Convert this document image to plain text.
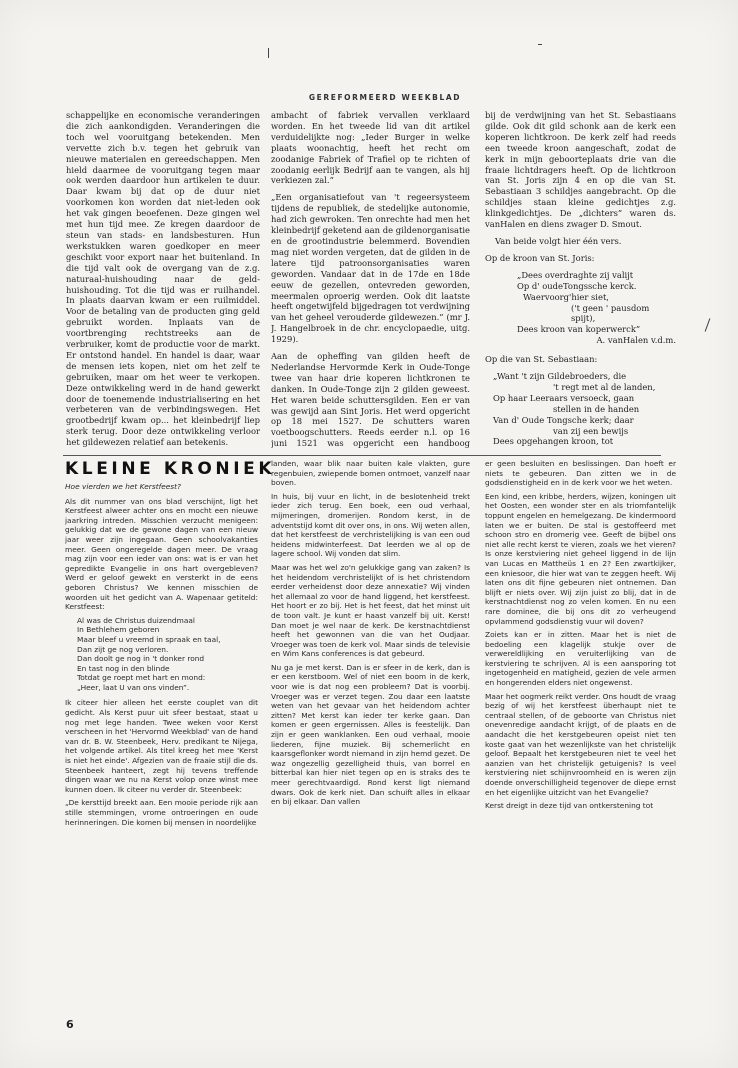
GEREFORMEERD WEEKBLAD

schappelijke en economische veranderingen die zich aankondigden. Veranderingen die toch wel vooruitgang betekenden. Men vervette zich b.v. tegen het gebruik van nieuwe materialen en gereedschappen. Men hield daarmee de vooruitgang tegen maar ook werden daardoor hun artikelen te duur. Daar kwam bij dat op de duur niet voorkomen kon worden dat niet-leden ook het vak gingen beoefenen. Deze gingen wel met hun tijd mee. Ze kregen daardoor de steun van stads- en landsbesturen. Hun werkstukken waren goedkoper en meer geschikt voor export naar het buitenland. In die tijd valt ook de overgang van de z.g. naturaal-huishouding naar de geld-huishouding. Tot die tijd was er ruilhandel. In plaats daarvan kwam er een ruilmiddel. Voor de betaling van de producten ging geld gebruikt worden. Inplaats van de voortbrenging rechtstreeks aan de verbruiker, komt de productie voor de markt. Er ontstond handel. En handel is daar, waar de mensen iets kopen, niet om het zelf te gebruiken, maar om het weer te verkopen. Deze ontwikkeling werd in de hand gewerkt door de toenemende industrialisering en het verbeteren van de verbindingswegen. Het grootbedrijf kwam op... het kleinbedrijf liep sterk terug. Door deze ontwikkeling verloor het gildewezen relatief aan betekenis.

ambacht of fabriek vervallen verklaard worden. En het tweede lid van dit artikel verduidelijkte nog: „Ieder Burger in welke plaats woonachtig, heeft het recht om zoodanige Fabriek of Trafiel op te richten of zoodanig eerlijk Bedrijf aan te vangen, als hij verkiezen zal.”

„Een organisatiefout van 't regeersysteem tijdens de republiek, de stedelijke autonomie, had zich gewroken. Ten onrechte had men het kleinbedrijf geketend aan de gildenorganisatie en de grootindustrie belemmerd. Bovendien mag niet worden vergeten, dat de gilden in de latere tijd patroonsorganisaties waren geworden. Vandaar dat in de 17de en 18de eeuw de gezellen, ontevreden geworden, meermalen oproerig werden. Ook dit laatste heeft ongetwijfeld bijgedragen tot verdwijning van het geheel verouderde gildewezen.” (mr J. J. Hangelbroek in de chr. encyclopaedie, uitg. 1929).

Aan de opheffing van gilden heeft de Nederlandse Hervormde Kerk in Oude-Tonge twee van haar drie koperen lichtkronen te danken. In Oude-Tonge zijn 2 gilden geweest. Het waren beide schuttersgilden. Een er van was gewijd aan Sint Joris. Het werd opgericht op 18 mei 1527. De schutters waren voetboogschutters. Reeds eerder n.l. op 16 juni 1521 was opgericht een handboog

bij de verdwijning van het St. Sebastiaans gilde. Ook dit gild schonk aan de kerk een koperen lichtkroon. De kerk zelf had reeds een tweede kroon aangeschaft, zodat de kerk in mijn geboorteplaats drie van die fraaie lichtdragers heeft. Op de lichtkroon van St. Joris zijn 4 en op die van St. Sebastiaan 3 schildjes aangebracht. Op die schildjes staan kleine gedichtjes z.g. klinkgedichtjes. De „dichters” waren ds. vanHalen en diens zwager D. Smout.

Van beide volgt hier één vers.

Op de kroon van St. Joris:

„Dees overdraghte zij valijt
Op d' oudeTongssche kerck.
Waervoorg'hier siet,
('t geen ' pausdom spijt),
Dees kroon van koperwerck”
A. vanHalen v.d.m.

Op die van St. Sebastiaan:

„Want 't zijn Gildebroeders, die
't regt met al de landen,
Op haar Leeraars versoeck, gaan
stellen in de handen
Van d' Oude Tongsche kerk; daar
van zij een bewijs
Dees opgehangen kroon, tot

KLEINE KRONIEK

Hoe vierden we het Kerstfeest?

Als dit nummer van ons blad verschijnt, ligt het Kerstfeest alweer achter ons en mocht een nieuwe jaarkring intreden. Misschien verzucht menigeen: gelukkig dat we de gewone dagen van een nieuw jaar weer zijn ingegaan. Geen schoolvakanties meer. Geen ongeregelde dagen meer. De vraag mag zijn voor een ieder van ons: wat is er van het gepredikte Evangelie in ons hart overgebleven? Werd er geloof gewekt en versterkt in de eens geboren Christus? We kennen misschien de woorden uit het gedicht van A. Wapenaar getiteld: Kerstfeest:

Al was de Christus duizendmaal
In Bethlehem geboren
Maar bleef u vreemd in spraak en taal,
Dan zijt ge nog verloren.
Dan doolt ge nog in 't donker rond
En tast nog in den blinde
Totdat ge roept met hart en mond:
„Heer, laat U van ons vinden”.

Ik citeer hier alleen het eerste couplet van dit gedicht. Als Kerst puur uit sfeer bestaat, staat u nog met lege handen. Twee weken voor Kerst verscheen in het 'Hervormd Weekblad' van de hand van dr. B. W. Steenbeek, Herv. predikant te Nijega, het volgende artikel. Als titel kreeg het mee 'Kerst is niet het einde'. Afgezien van de fraaie stijl die ds. Steenbeek hanteert, zegt hij tevens treffende dingen waar we nu na Kerst volop onze winst mee kunnen doen. Ik citeer nu verder dr. Steenbeek:

„De kersttijd breekt aan. Een mooie periode rijk aan stille stemmingen, vrome ontroeringen en oude herinneringen. Die komen bij mensen in noordelijke

landen, waar blik naar buiten kale vlakten, gure regenbuien, zwiepende bomen ontmoet, vanzelf naar boven.

In huis, bij vuur en licht, in de beslotenheid trekt ieder zich terug. Een boek, een oud verhaal, mijmeringen, dromerijen. Rondom kerst, in de adventstijd komt dit over ons, in ons. Wij weten allen, dat het kerstfeest de verchristelijking is van een oud heidens midwinterfeest. Dat leerden we al op de lagere school. Wij vonden dat slim.

Maar was het wel zo'n gelukkige gang van zaken? Is het heidendom verchristelijkt of is het christendom eerder verheidenst door deze annexatie? Wij vinden het allemaal zo voor de hand liggend, het kerstfeest. Het hoort er zo bij. Het is het feest, dat het minst uit de toon valt. Je kunt er haast vanzelf bij uit. Kerst! Dan moet je wel naar de kerk. De kerstnachtdienst heeft het gewonnen van die van het Oudjaar. Vroeger was toen de kerk vol. Maar sinds de televisie en Wim Kans conferences is dat gebeurd.

Nu ga je met kerst. Dan is er sfeer in de kerk, dan is er een kerstboom. Wel of niet een boom in de kerk, voor wie is dat nog een probleem? Dat is voorbij. Vroeger was er verzet tegen. Zou daar een laatste weten van het gevaar van het heidendom achter zitten? Met kerst kan ieder ter kerke gaan. Dan komen er geen ergernissen. Alles is feestelijk. Dan zijn er geen wanklanken. Een oud verhaal, mooie liederen, fijne muziek. Bij schemerlicht en kaarsgeflonker wordt niemand in zijn hemd gezet. De waz ongezellig gezelligheid thuis, van borrel en bitterbal kan hier niet tegen op en is straks des te meer gerechtvaardigd. Rond kerst ligt niemand dwars. Ook de kerk niet. Dan schuift alles in elkaar en bij elkaar. Dan vallen

er geen besluiten en beslissingen. Dan hoeft er niets te gebeuren. Dan zitten we in de godsdienstigheid en in de kerk voor we het weten.

Een kind, een kribbe, herders, wijzen, koningen uit het Oosten, een wonder ster en als triomfantelijk toppunt engelen en hemelgezang. De kindermoord laten we er buiten. De stal is gestoffeerd met schoon stro en dromerig vee. Geeft de bijbel ons niet alle recht kerst te vieren, zoals we het vieren? Is onze kerstviering niet geheel liggend in de lijn van Lucas en Mattheüs 1 en 2? Een zwartkijker, een kniesoor, die hier wat van te zeggen heeft. Wij laten ons dit fijne gebeuren niet ontnemen. Dan blijft er niets over. Wij zijn juist zo blij, dat in de kerstnachtdienst nog zo velen komen. En nu een rare dominee, die bij ons dit zo verheugend opvlammend godsdienstig vuur wil doven?

Zoiets kan er in zitten. Maar het is niet de bedoeling een klagelijk stukje over de verwereldlijking en veruiterlijking van de kerstviering te schrijven. Al is een aansporing tot ingetogenheid en matigheid, gezien de vele armen en hongerenden elders niet ongewenst.

Maar het oogmerk reikt verder. Ons houdt de vraag bezig of wij het kerstfeest überhaupt niet te centraal stellen, of de geboorte van Christus niet onevenredige aandacht krijgt, of de plaats en de aandacht die het kerstgebeuren opeist niet ten koste gaat van het wezenlijkste van het christelijk geloof. Bepaalt het kerstgebeuren niet te veel het aanzien van het christelijk getuigenis? Is veel kerstviering niet schijnvroomheid en is weren zijn doende onverschilligheid tegenover de diepe ernst en het eigenlijke uitzicht van het Evangelie?

Kerst dreigt in deze tijd van ontkerstening tot

6
